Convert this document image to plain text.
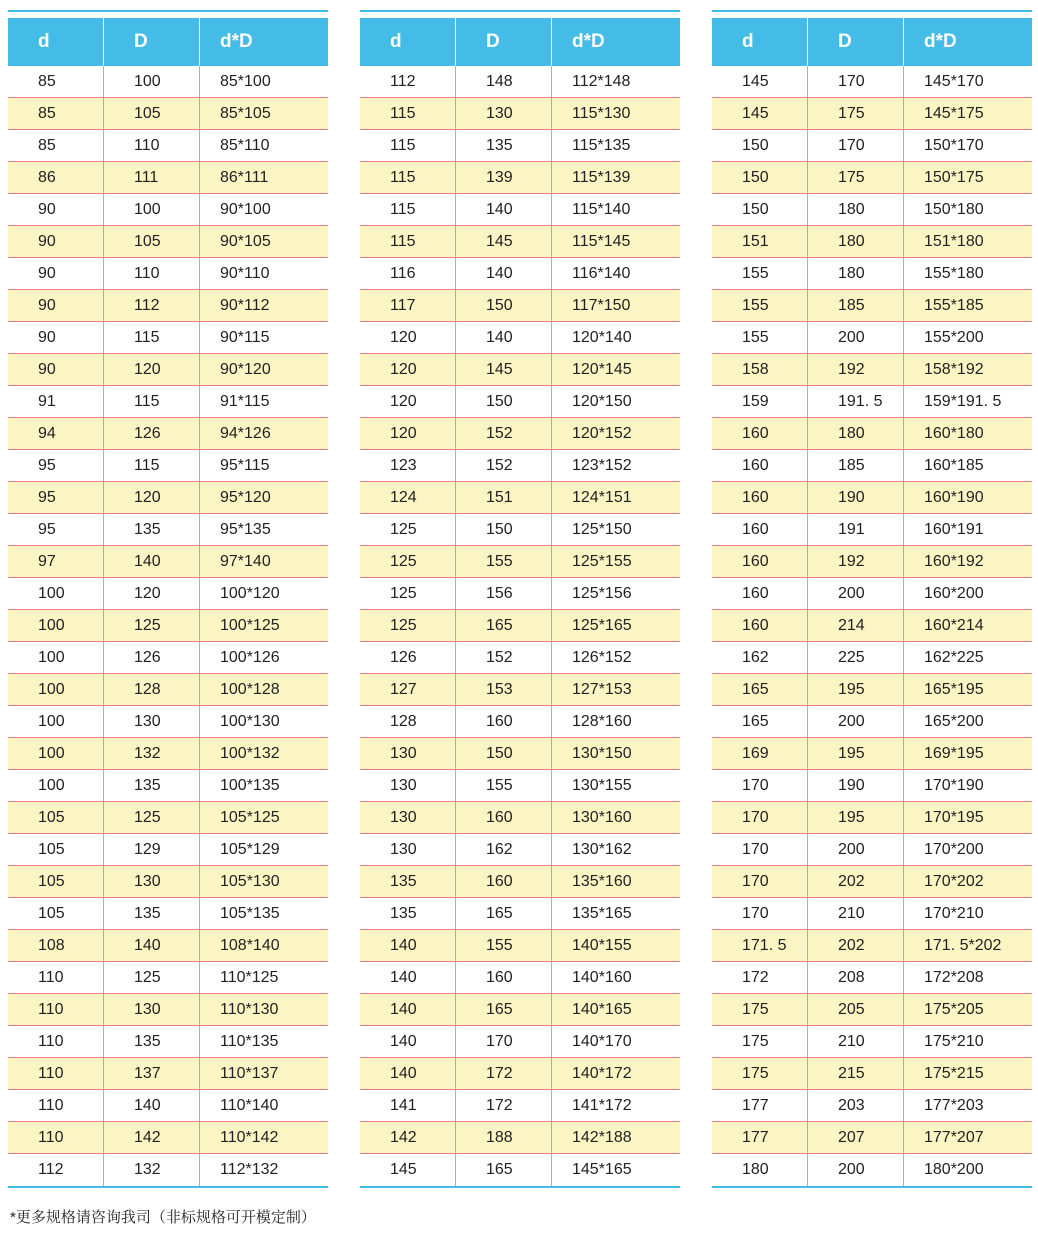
d	D	d*D
85	100	85*100
85	105	85*105
85	110	85*110
86	111	86*111
90	100	90*100
90	105	90*105
90	110	90*110
90	112	90*112
90	115	90*115
90	120	90*120
91	115	91*115
94	126	94*126
95	115	95*115
95	120	95*120
95	135	95*135
97	140	97*140
100	120	100*120
100	125	100*125
100	126	100*126
100	128	100*128
100	130	100*130
100	132	100*132
100	135	100*135
105	125	105*125
105	129	105*129
105	130	105*130
105	135	105*135
108	140	108*140
110	125	110*125
110	130	110*130
110	135	110*135
110	137	110*137
110	140	110*140
110	142	110*142
112	132	112*132
d	D	d*D
112	148	112*148
115	130	115*130
115	135	115*135
115	139	115*139
115	140	115*140
115	145	115*145
116	140	116*140
117	150	117*150
120	140	120*140
120	145	120*145
120	150	120*150
120	152	120*152
123	152	123*152
124	151	124*151
125	150	125*150
125	155	125*155
125	156	125*156
125	165	125*165
126	152	126*152
127	153	127*153
128	160	128*160
130	150	130*150
130	155	130*155
130	160	130*160
130	162	130*162
135	160	135*160
135	165	135*165
140	155	140*155
140	160	140*160
140	165	140*165
140	170	140*170
140	172	140*172
141	172	141*172
142	188	142*188
145	165	145*165
d	D	d*D
145	170	145*170
145	175	145*175
150	170	150*170
150	175	150*175
150	180	150*180
151	180	151*180
155	180	155*180
155	185	155*185
155	200	155*200
158	192	158*192
159	191. 5	159*191. 5
160	180	160*180
160	185	160*185
160	190	160*190
160	191	160*191
160	192	160*192
160	200	160*200
160	214	160*214
162	225	162*225
165	195	165*195
165	200	165*200
169	195	169*195
170	190	170*190
170	195	170*195
170	200	170*200
170	202	170*202
170	210	170*210
171. 5	202	171. 5*202
172	208	172*208
175	205	175*205
175	210	175*210
175	215	175*215
177	203	177*203
177	207	177*207
180	200	180*200
*更多规格请咨询我司（非标规格可开模定制）
